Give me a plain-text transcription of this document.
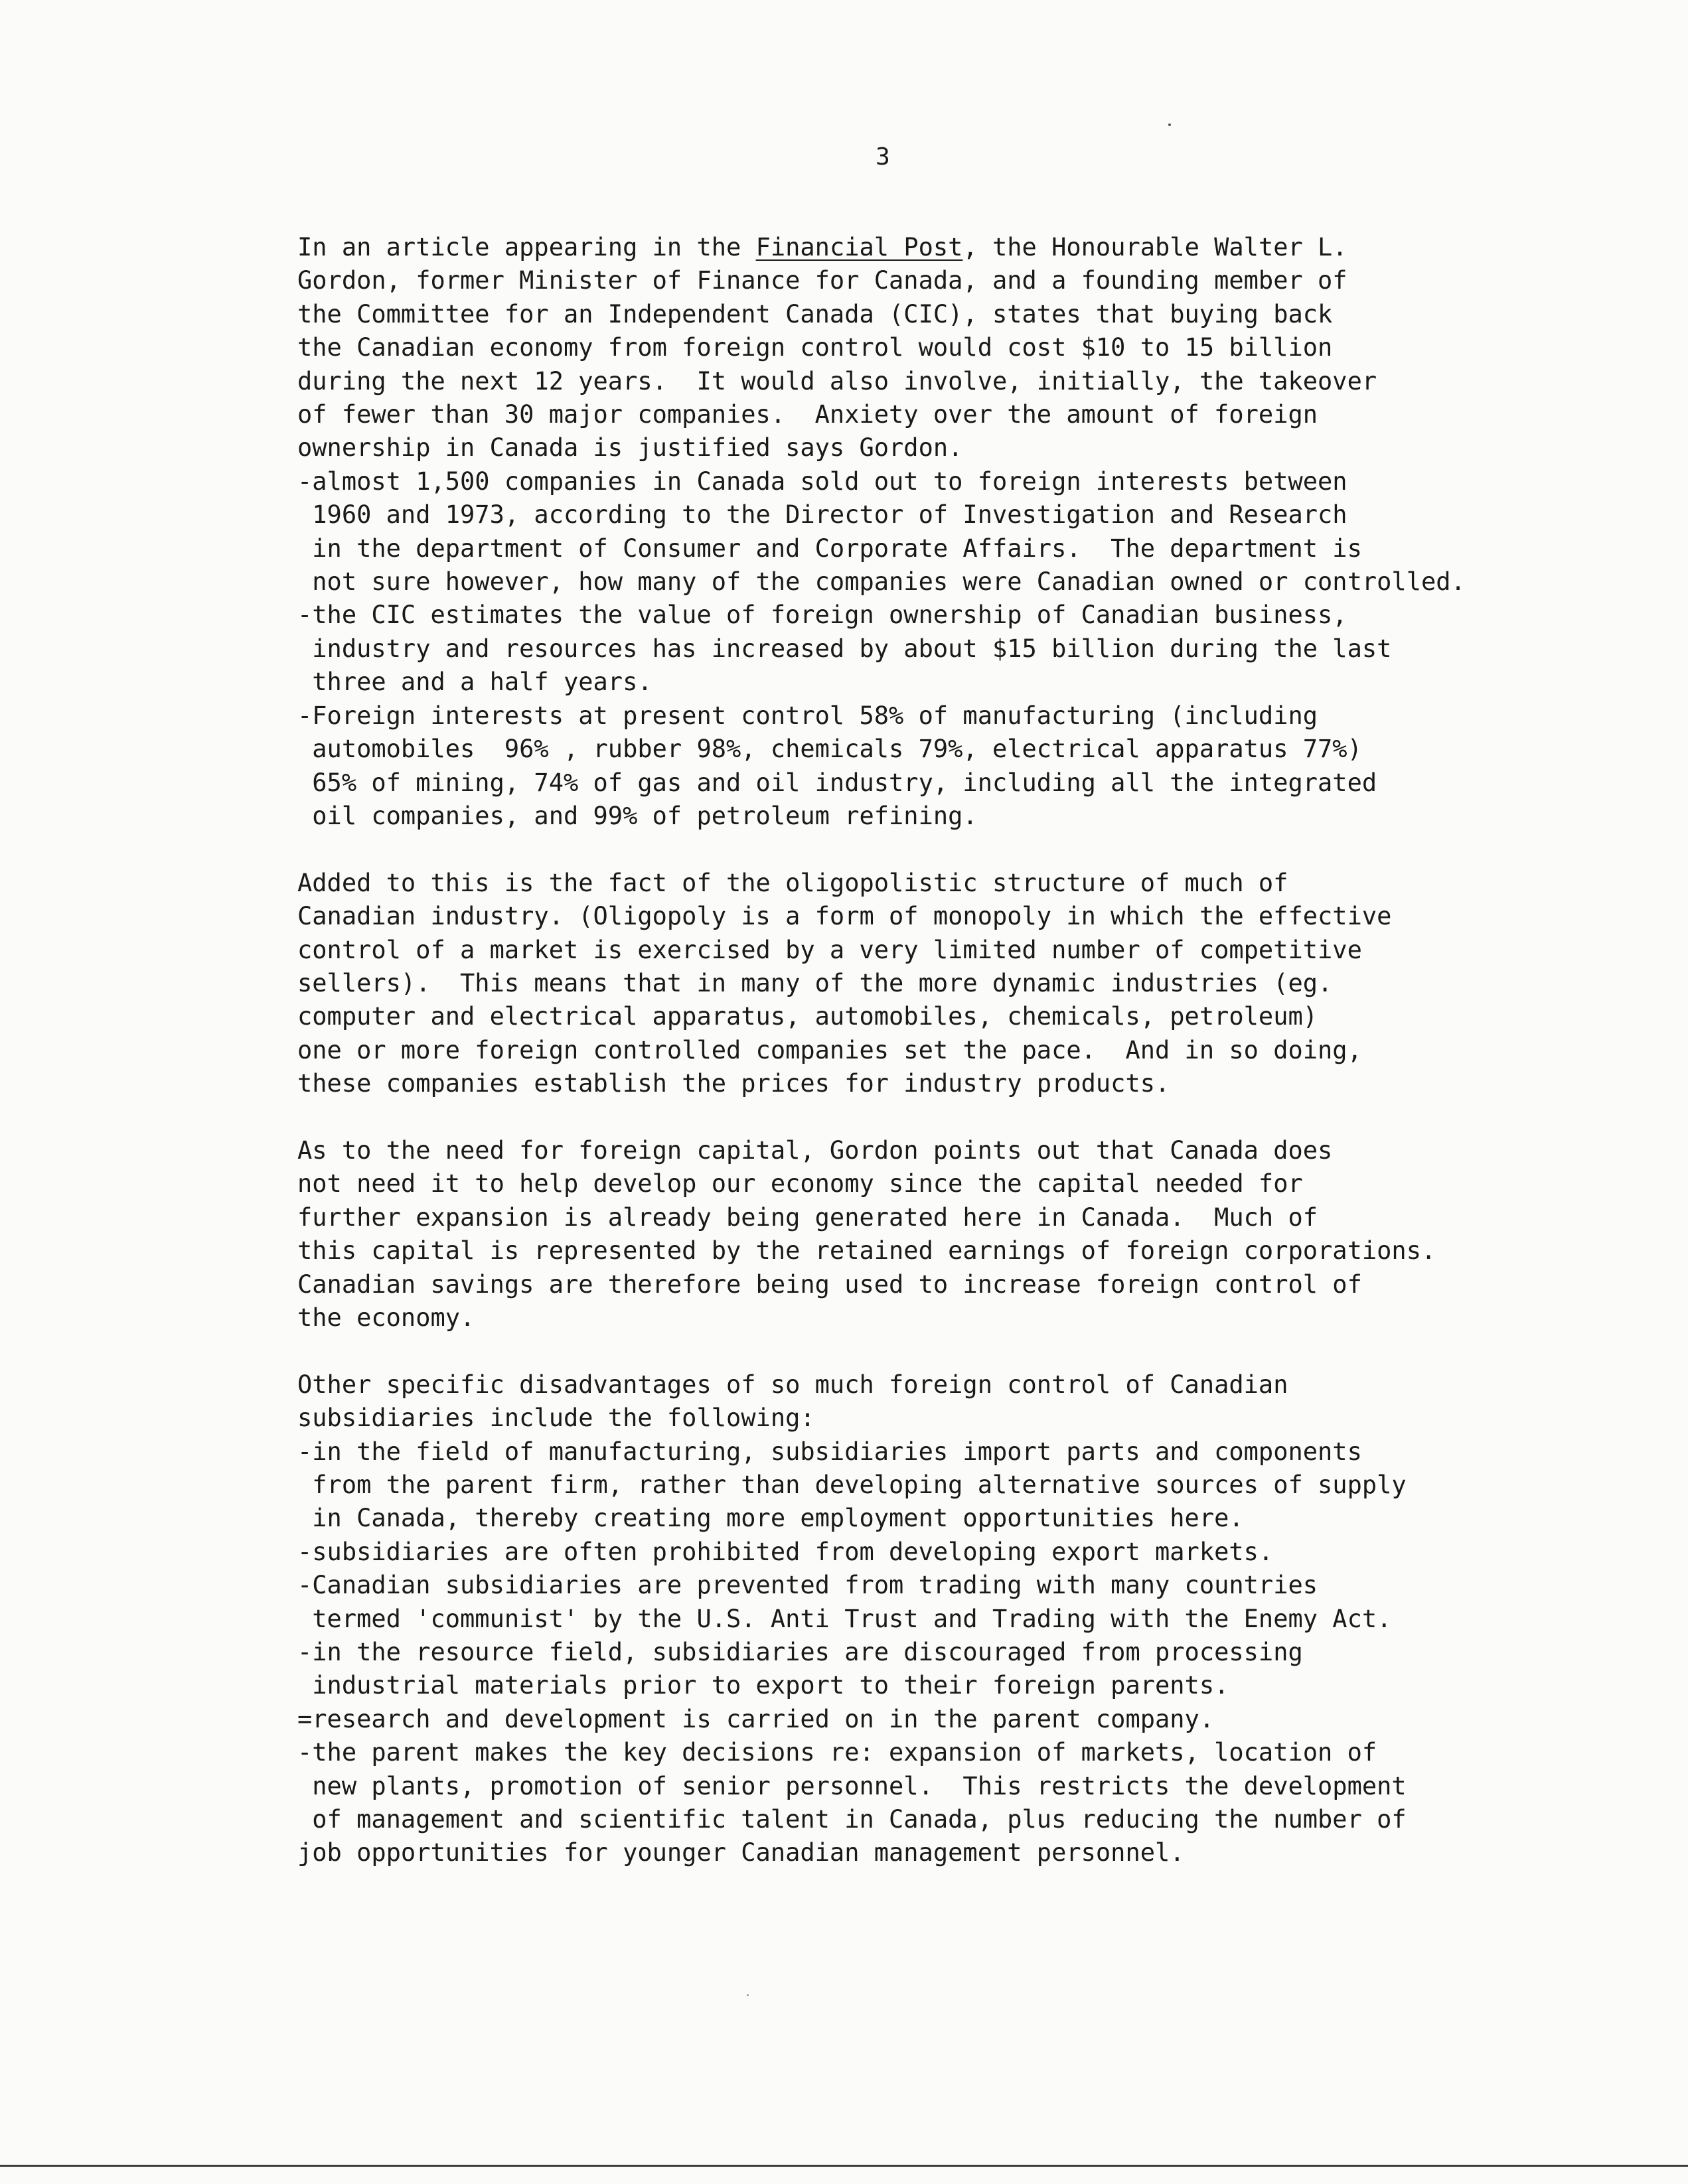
3
In an article appearing in the Financial Post, the Honourable Walter L.
Gordon, former Minister of Finance for Canada, and a founding member of
the Committee for an Independent Canada (CIC), states that buying back
the Canadian economy from foreign control would cost $10 to 15 billion
during the next 12 years.  It would also involve, initially, the takeover
of fewer than 30 major companies.  Anxiety over the amount of foreign
ownership in Canada is justified says Gordon.
-almost 1,500 companies in Canada sold out to foreign interests between
1960 and 1973, according to the Director of Investigation and Research
in the department of Consumer and Corporate Affairs.  The department is
not sure however, how many of the companies were Canadian owned or controlled.
-the CIC estimates the value of foreign ownership of Canadian business,
industry and resources has increased by about $15 billion during the last
three and a half years.
-Foreign interests at present control 58% of manufacturing (including
automobiles  96% , rubber 98%, chemicals 79%, electrical apparatus 77%)
65% of mining, 74% of gas and oil industry, including all the integrated
oil companies, and 99% of petroleum refining.
Added to this is the fact of the oligopolistic structure of much of
Canadian industry. (Oligopoly is a form of monopoly in which the effective
control of a market is exercised by a very limited number of competitive
sellers).  This means that in many of the more dynamic industries (eg.
computer and electrical apparatus, automobiles, chemicals, petroleum)
one or more foreign controlled companies set the pace.  And in so doing,
these companies establish the prices for industry products.
As to the need for foreign capital, Gordon points out that Canada does
not need it to help develop our economy since the capital needed for
further expansion is already being generated here in Canada.  Much of
this capital is represented by the retained earnings of foreign corporations.
Canadian savings are therefore being used to increase foreign control of
the economy.
Other specific disadvantages of so much foreign control of Canadian
subsidiaries include the following:
-in the field of manufacturing, subsidiaries import parts and components
from the parent firm, rather than developing alternative sources of supply
in Canada, thereby creating more employment opportunities here.
-subsidiaries are often prohibited from developing export markets.
-Canadian subsidiaries are prevented from trading with many countries
termed 'communist' by the U.S. Anti Trust and Trading with the Enemy Act.
-in the resource field, subsidiaries are discouraged from processing
industrial materials prior to export to their foreign parents.
=research and development is carried on in the parent company.
-the parent makes the key decisions re: expansion of markets, location of
new plants, promotion of senior personnel.  This restricts the development
of management and scientific talent in Canada, plus reducing the number of
job opportunities for younger Canadian management personnel.
